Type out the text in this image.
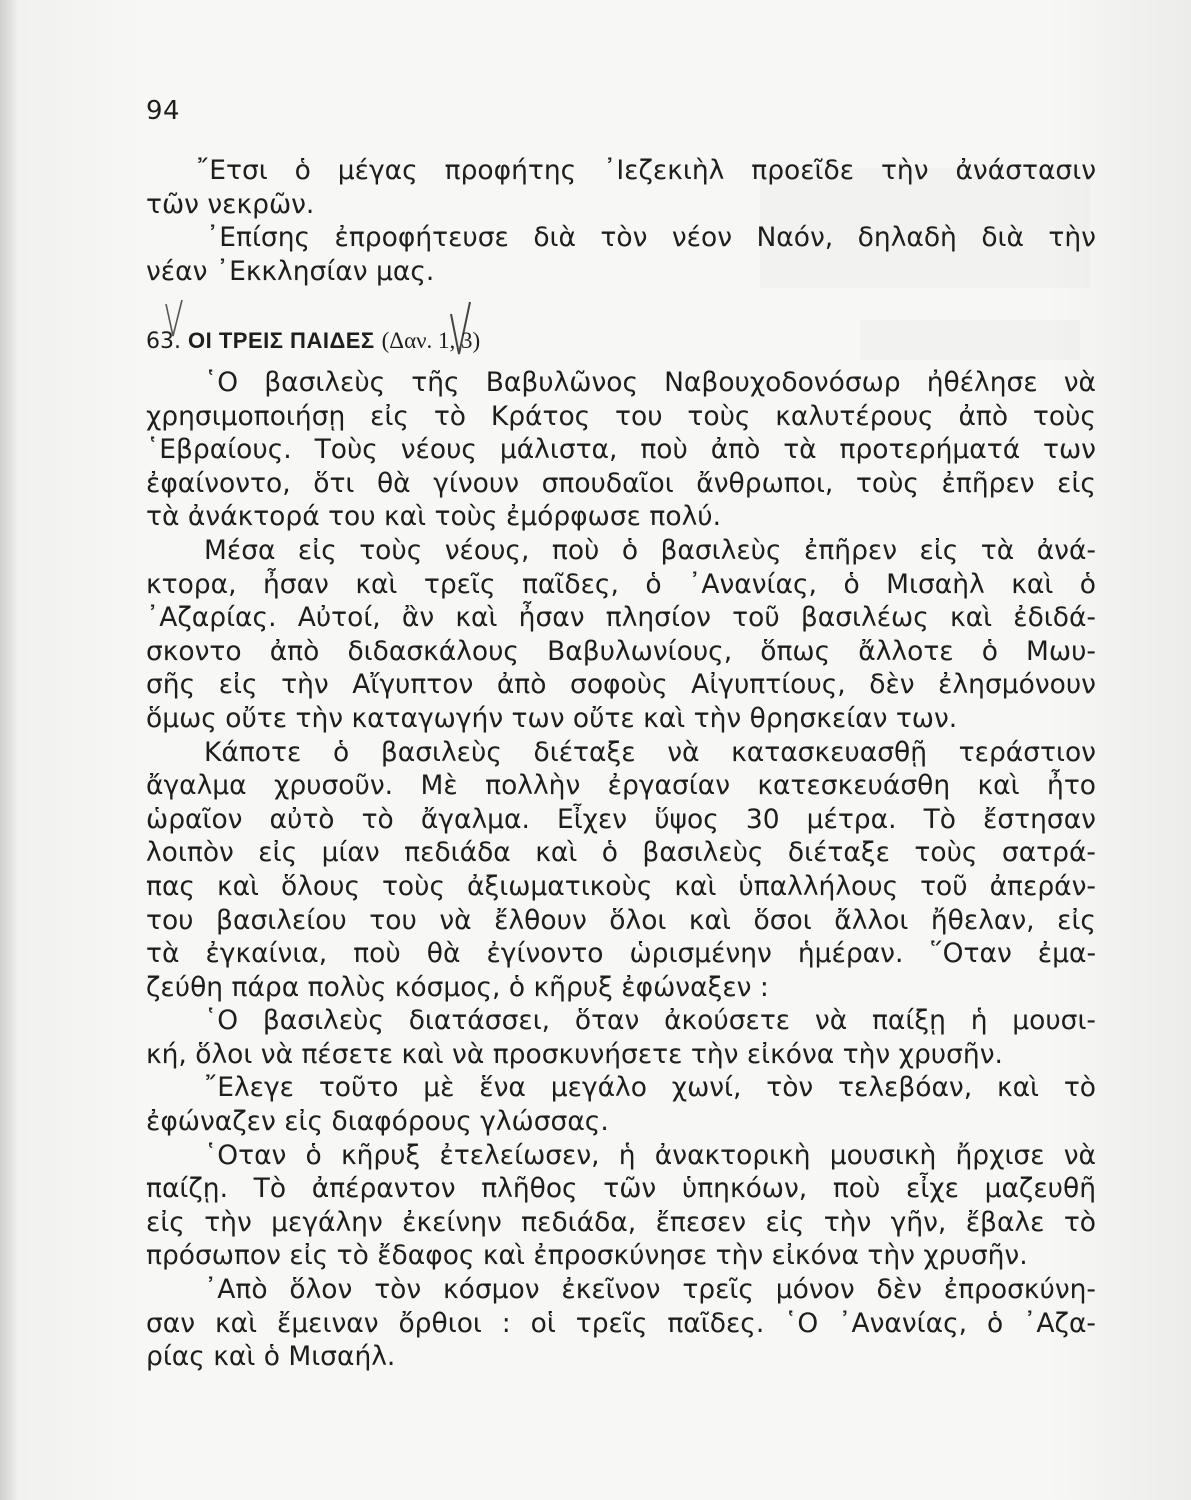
94
῎Ετσι ὁ μέγας προφήτης ᾽Ιεζεκιὴλ προεῖδε τὴν ἀνάστασιν
τῶν νεκρῶν.
᾽Επίσης ἐπροφήτευσε διὰ τὸν νέον Ναόν, δηλαδὴ διὰ τὴν
νέαν ᾽Εκκλησίαν μας.
63. ΟΙ ΤΡΕΙΣ ΠΑΙΔΕΣ (Δαν. 1, 3)
῾Ο βασιλεὺς τῆς Βαβυλῶνος Ναβουχοδονόσωρ ἠθέλησε νὰ
χρησιμοποιήσῃ εἰς τὸ Κράτος του τοὺς καλυτέρους ἀπὸ τοὺς
῾Εβραίους. Τοὺς νέους μάλιστα, ποὺ ἀπὸ τὰ προτερήματά των
ἐφαίνοντο, ὅτι θὰ γίνουν σπουδαῖοι ἄνθρωποι, τοὺς ἐπῆρεν εἰς
τὰ ἀνάκτορά του καὶ τοὺς ἐμόρφωσε πολύ.
Μέσα εἰς τοὺς νέους, ποὺ ὁ βασιλεὺς ἐπῆρεν εἰς τὰ ἀνά-
κτορα, ἦσαν καὶ τρεῖς παῖδες, ὁ ᾽Ανανίας, ὁ Μισαὴλ καὶ ὁ
᾽Αζαρίας. Αὐτοί, ἂν καὶ ἦσαν πλησίον τοῦ βασιλέως καὶ ἐδιδά-
σκοντο ἀπὸ διδασκάλους Βαβυλωνίους, ὅπως ἄλλοτε ὁ Μωυ-
σῆς εἰς τὴν Αἴγυπτον ἀπὸ σοφοὺς Αἰγυπτίους, δὲν ἐλησμόνουν
ὅμως οὔτε τὴν καταγωγήν των οὔτε καὶ τὴν θρησκείαν των.
Κάποτε ὁ βασιλεὺς διέταξε νὰ κατασκευασθῇ τεράστιον
ἄγαλμα χρυσοῦν. Μὲ πολλὴν ἐργασίαν κατεσκευάσθη καὶ ἦτο
ὡραῖον αὐτὸ τὸ ἄγαλμα. Εἶχεν ὕψος 30 μέτρα. Τὸ ἔστησαν
λοιπὸν εἰς μίαν πεδιάδα καὶ ὁ βασιλεὺς διέταξε τοὺς σατρά-
πας καὶ ὅλους τοὺς ἀξιωματικοὺς καὶ ὑπαλλήλους τοῦ ἀπεράν-
του βασιλείου του νὰ ἔλθουν ὅλοι καὶ ὅσοι ἄλλοι ἤθελαν, εἰς
τὰ ἐγκαίνια, ποὺ θὰ ἐγίνοντο ὡρισμένην ἡμέραν. ῞Οταν ἐμα-
ζεύθη πάρα πολὺς κόσμος, ὁ κῆρυξ ἐφώναξεν :
῾Ο βασιλεὺς διατάσσει, ὅταν ἀκούσετε νὰ παίξῃ ἡ μουσι-
κή, ὅλοι νὰ πέσετε καὶ νὰ προσκυνήσετε τὴν εἰκόνα τὴν χρυσῆν.
῎Ελεγε τοῦτο μὲ ἕνα μεγάλο χωνί, τὸν τελεβόαν, καὶ τὸ
ἐφώναζεν εἰς διαφόρους γλώσσας.
῾Οταν ὁ κῆρυξ ἐτελείωσεν, ἡ ἀνακτορικὴ μουσικὴ ἤρχισε νὰ
παίζῃ. Τὸ ἀπέραντον πλῆθος τῶν ὑπηκόων, ποὺ εἶχε μαζευθῆ
εἰς τὴν μεγάλην ἐκείνην πεδιάδα, ἔπεσεν εἰς τὴν γῆν, ἔβαλε τὸ
πρόσωπον εἰς τὸ ἔδαφος καὶ ἐπροσκύνησε τὴν εἰκόνα τὴν χρυσῆν.
᾽Απὸ ὅλον τὸν κόσμον ἐκεῖνον τρεῖς μόνον δὲν ἐπροσκύνη-
σαν καὶ ἔμειναν ὄρθιοι : οἱ τρεῖς παῖδες. ῾Ο ᾽Ανανίας, ὁ ᾽Αζα-
ρίας καὶ ὁ Μισαήλ.
